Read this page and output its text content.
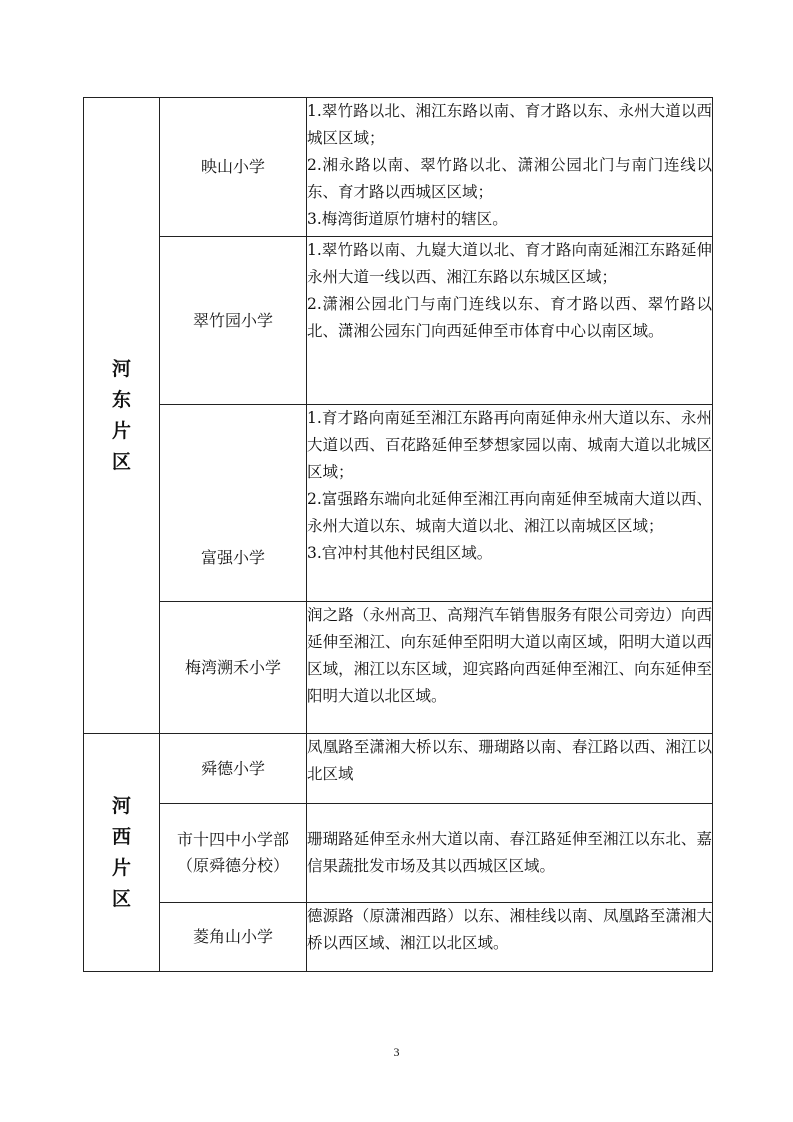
河东片区	映山小学	1.翠竹路以北、湘江东路以南、育才路以东、永州大道以西城区区域；
2.湘永路以南、翠竹路以北、潇湘公园北门与南门连线以东、育才路以西城区区域；
3.梅湾街道原竹塘村的辖区。

	翠竹园小学	1.翠竹路以南、九嶷大道以北、育才路向南延湘江东路延伸永州大道一线以西、湘江东路以东城区区域；
2.潇湘公园北门与南门连线以东、育才路以西、翠竹路以北、潇湘公园东门向西延伸至市体育中心以南区域。

	富强小学	1.育才路向南延至湘江东路再向南延伸永州大道以东、永州大道以西、百花路延伸至梦想家园以南、城南大道以北城区区域；
2.富强路东端向北延伸至湘江再向南延伸至城南大道以西、永州大道以东、城南大道以北、湘江以南城区区域；
3.官冲村其他村民组区域。

	梅湾溯禾小学	润之路（永州高卫、高翔汽车销售服务有限公司旁边）向西延伸至湘江、向东延伸至阳明大道以南区域，阳明大道以西区域，湘江以东区域，迎宾路向西延伸至湘江、向东延伸至阳明大道以北区域。

河西片区	舜德小学	凤凰路至潇湘大桥以东、珊瑚路以南、春江路以西、湘江以北区域

	市十四中小学部
（原舜德分校）	珊瑚路延伸至永州大道以南、春江路延伸至湘江以东北、嘉信果蔬批发市场及其以西城区区域。

	菱角山小学	德源路（原潇湘西路）以东、湘桂线以南、凤凰路至潇湘大桥以西区域、湘江以北区域。
3
